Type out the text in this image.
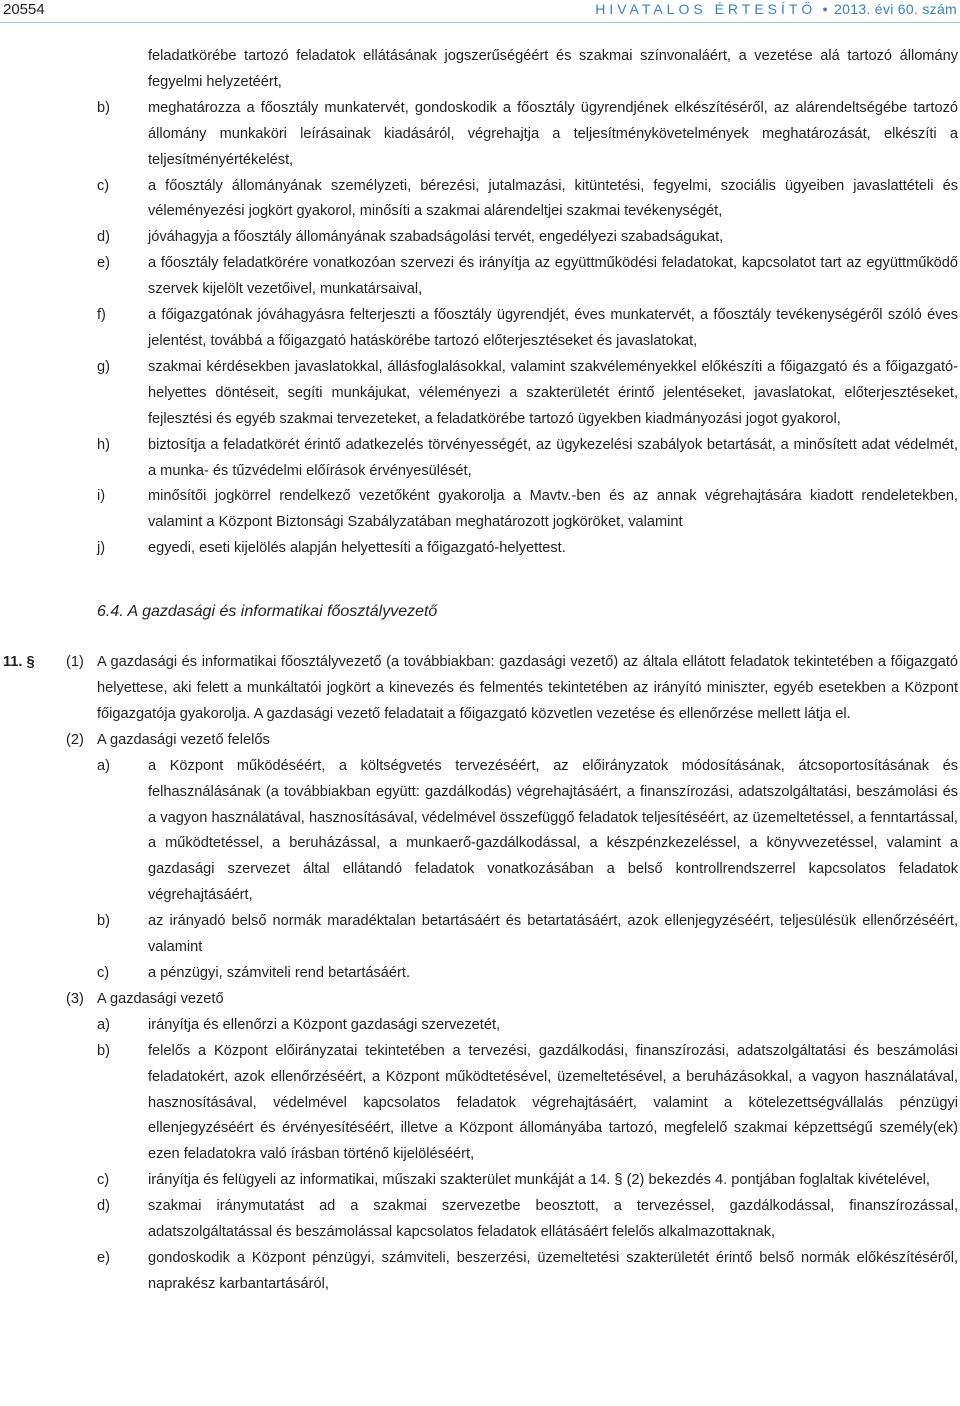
20554	HIVATALOS ÉRTESÍTŐ ● 2013. évi 60. szám
feladatkörébe tartozó feladatok ellátásának jogszerűségéért és szakmai színvonaláért, a vezetése alá tartozó állomány fegyelmi helyzetéért,
b)	meghatározza a főosztály munkatervét, gondoskodik a főosztály ügyrendjének elkészítéséről, az alárendeltségébe tartozó állomány munkaköri leírásainak kiadásáról, végrehajtja a teljesítménykövetelmények meghatározását, elkészíti a teljesítményértékelést,
c)	a főosztály állományának személyzeti, bérezési, jutalmazási, kitüntetési, fegyelmi, szociális ügyeiben javaslattételi és véleményezési jogkört gyakorol, minősíti a szakmai alárendeltjei szakmai tevékenységét,
d)	jóváhagyja a főosztály állományának szabadságolási tervét, engedélyezi szabadságukat,
e)	a főosztály feladatkörére vonatkozóan szervezi és irányítja az együttműködési feladatokat, kapcsolatot tart az együttműködő szervek kijelölt vezetőivel, munkatársaival,
f)	a főigazgatónak jóváhagyásra felterjeszti a főosztály ügyrendjét, éves munkatervét, a főosztály tevékenységéről szóló éves jelentést, továbbá a főigazgató hatáskörébe tartozó előterjesztéseket és javaslatokat,
g)	szakmai kérdésekben javaslatokkal, állásfoglalásokkal, valamint szakvéleményekkel előkészíti a főigazgató és a főigazgató-helyettes döntéseit, segíti munkájukat, véleményezi a szakterületét érintő jelentéseket, javaslatokat, előterjesztéseket, fejlesztési és egyéb szakmai tervezeteket, a feladatkörébe tartozó ügyekben kiadmányozási jogot gyakorol,
h)	biztosítja a feladatkörét érintő adatkezelés törvényességét, az ügykezelési szabályok betartását, a minősített adat védelmét, a munka- és tűzvédelmi előírások érvényesülését,
i)	minősítői jogkörrel rendelkező vezetőként gyakorolja a Mavtv.-ben és az annak végrehajtására kiadott rendeletekben, valamint a Központ Biztonsági Szabályzatában meghatározott jogköröket, valamint
j)	egyedi, eseti kijelölés alapján helyettesíti a főigazgató-helyettest.
6.4. A gazdasági és informatikai főosztályvezető
11. § (1) A gazdasági és informatikai főosztályvezető (a továbbiakban: gazdasági vezető) az általa ellátott feladatok tekintetében a főigazgató helyettese, aki felett a munkáltatói jogkört a kinevezés és felmentés tekintetében az irányító miniszter, egyéb esetekben a Központ főigazgatója gyakorolja. A gazdasági vezető feladatait a főigazgató közvetlen vezetése és ellenőrzése mellett látja el.
(2) A gazdasági vezető felelős
a)	a Központ működéséért, a költségvetés tervezéséért, az előirányzatok módosításának, átcsoportosításának és felhasználásának (a továbbiakban együtt: gazdálkodás) végrehajtásáért, a finanszírozási, adatszolgáltatási, beszámolási és a vagyon használatával, hasznosításával, védelmével összefüggő feladatok teljesítéséért, az üzemeltetéssel, a fenntartással, a működtetéssel, a beruházással, a munkaerő-gazdálkodással, a készpénzkezeléssel, a könyvvezetéssel, valamint a gazdasági szervezet által ellátandó feladatok vonatkozásában a belső kontrollrendszerrel kapcsolatos feladatok végrehajtásáért,
b)	az irányadó belső normák maradéktalan betartásáért és betartatásáért, azok ellenjegyzéséért, teljesülésük ellenőrzéséért, valamint
c)	a pénzügyi, számviteli rend betartásáért.
(3) A gazdasági vezető
a)	irányítja és ellenőrzi a Központ gazdasági szervezetét,
b)	felelős a Központ előirányzatai tekintetében a tervezési, gazdálkodási, finanszírozási, adatszolgáltatási és beszámolási feladatokért, azok ellenőrzéséért, a Központ működtetésével, üzemeltetésével, a beruházásokkal, a vagyon használatával, hasznosításával, védelmével kapcsolatos feladatok végrehajtásáért, valamint a kötelezettségvállalás pénzügyi ellenjegyzéséért és érvényesítéséért, illetve a Központ állományába tartozó, megfelelő szakmai képzettségű személy(ek) ezen feladatokra való írásban történő kijelöléséért,
c)	irányítja és felügyeli az informatikai, műszaki szakterület munkáját a 14. § (2) bekezdés 4. pontjában foglaltak kivételével,
d)	szakmai iránymutatást ad a szakmai szervezetbe beosztott, a tervezéssel, gazdálkodással, finanszírozással, adatszolgáltatással és beszámolással kapcsolatos feladatok ellátásáért felelős alkalmazottaknak,
e)	gondoskodik a Központ pénzügyi, számviteli, beszerzési, üzemeltetési szakterületét érintő belső normák előkészítéséről, naprakész karbantartásáról,
